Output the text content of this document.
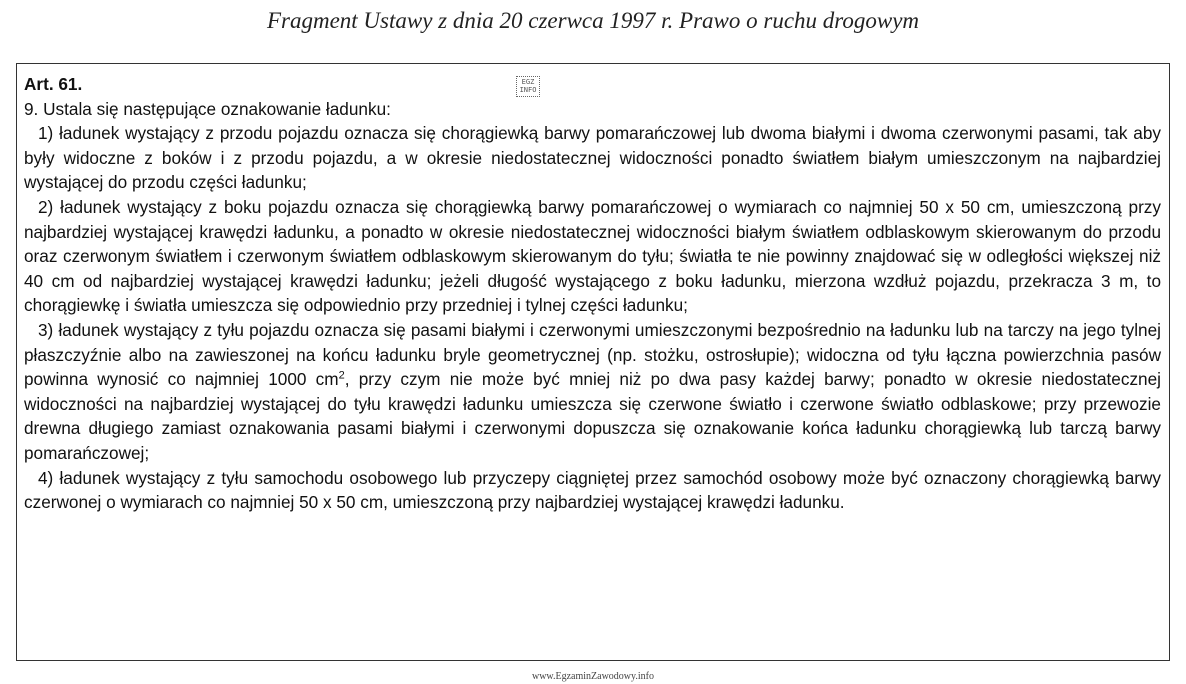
Fragment Ustawy z dnia 20 czerwca 1997 r. Prawo o ruchu drogowym
EGZ INFO

Art. 61.

9. Ustala się następujące oznakowanie ładunku:

1) ładunek wystający z przodu pojazdu oznacza się chorągiewką barwy pomarańczowej lub dwoma białymi i dwoma czerwonymi pasami, tak aby były widoczne z boków i z przodu pojazdu, a w okresie niedostatecznej widoczności ponadto światłem białym umieszczonym na najbardziej wystającej do przodu części ładunku;

2) ładunek wystający z boku pojazdu oznacza się chorągiewką barwy pomarańczowej o wymiarach co najmniej 50 x 50 cm, umieszczoną przy najbardziej wystającej krawędzi ładunku, a ponadto w okresie niedostatecznej widoczności białym światłem odblaskowym skierowanym do przodu oraz czerwonym światłem i czerwonym światłem odblaskowym skierowanym do tyłu; światła te nie powinny znajdować się w odległości większej niż 40 cm od najbardziej wystającej krawędzi ładunku; jeżeli długość wystającego z boku ładunku, mierzona wzdłuż pojazdu, przekracza 3 m, to chorągiewkę i światła umieszcza się odpowiednio przy przedniej i tylnej części ładunku;

3) ładunek wystający z tyłu pojazdu oznacza się pasami białymi i czerwonymi umieszczonymi bezpośrednio na ładunku lub na tarczy na jego tylnej płaszczyźnie albo na zawieszonej na końcu ładunku bryle geometrycznej (np. stożku, ostrosłupie); widoczna od tyłu łączna powierzchnia pasów powinna wynosić co najmniej 1000 $cm^2$, przy czym nie może być mniej niż po dwa pasy każdej barwy; ponadto w okresie niedostatecznej widoczności na najbardziej wystającej do tyłu krawędzi ładunku umieszcza się czerwone światło i czerwone światło odblaskowe; przy przewozie drewna długiego zamiast oznakowania pasami białymi i czerwonymi dopuszcza się oznakowanie końca ładunku chorągiewką lub tarczą barwy pomarańczowej;

4) ładunek wystający z tyłu samochodu osobowego lub przyczepy ciągniętej przez samochód osobowy może być oznaczony chorągiewką barwy czerwonej o wymiarach co najmniej 50 x 50 cm, umieszczoną przy najbardziej wystającej krawędzi ładunku.

www.EgzaminZawodowy.info
